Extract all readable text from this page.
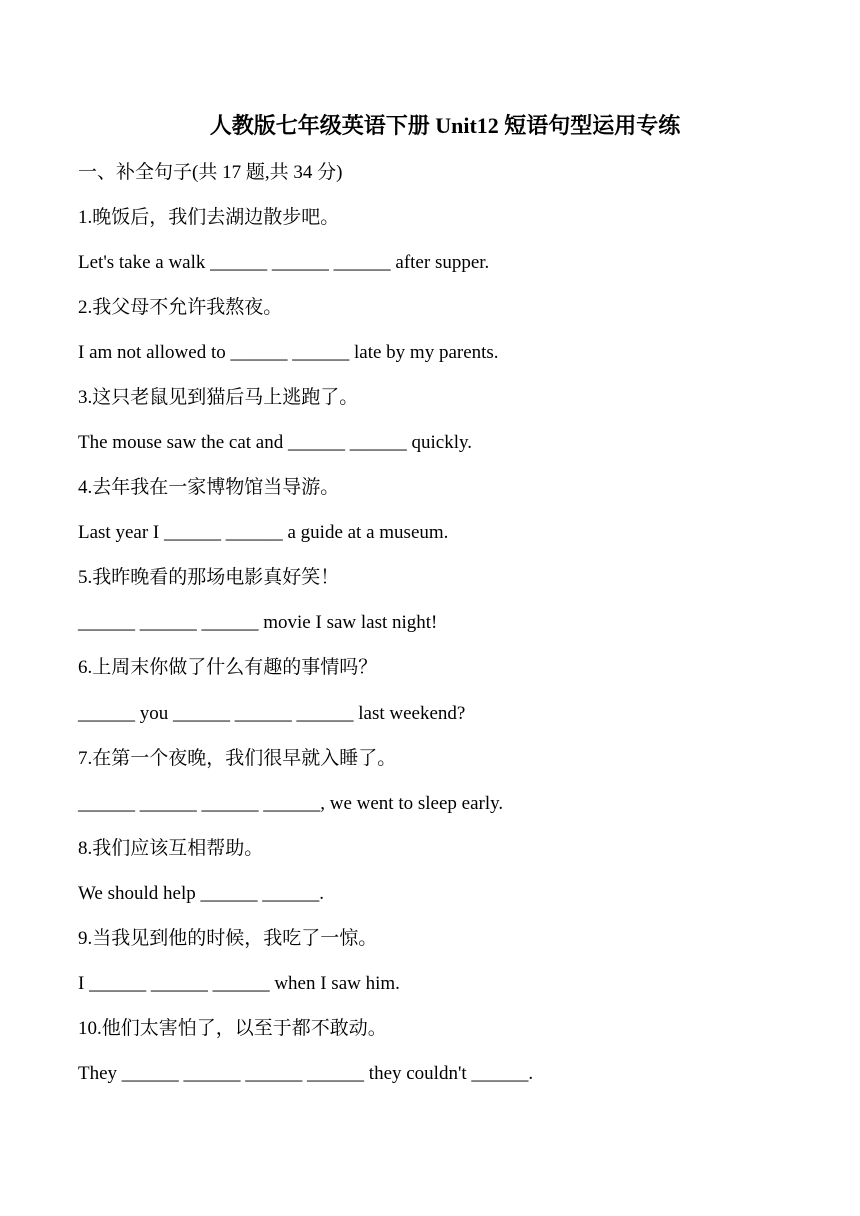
人教版七年级英语下册 Unit12 短语句型运用专练
一、补全句子(共 17 题,共 34 分)
1.晚饭后，我们去湖边散步吧。
Let's take a walk ______ ______ ______ after supper.
2.我父母不允许我熬夜。
I am not allowed to ______ ______ late by my parents.
3.这只老鼠见到猫后马上逃跑了。
The mouse saw the cat and ______ ______ quickly.
4.去年我在一家博物馆当导游。
Last year I ______ ______ a guide at a museum.
5.我昨晚看的那场电影真好笑！
______ ______ ______ movie I saw last night!
6.上周末你做了什么有趣的事情吗？
______ you ______ ______ ______ last weekend?
7.在第一个夜晚，我们很早就入睡了。
______ ______ ______ ______, we went to sleep early.
8.我们应该互相帮助。
We should help ______ ______.
9.当我见到他的时候，我吃了一惊。
I ______ ______ ______ when I saw him.
10.他们太害怕了，以至于都不敢动。
They ______ ______ ______ ______ they couldn't ______.
